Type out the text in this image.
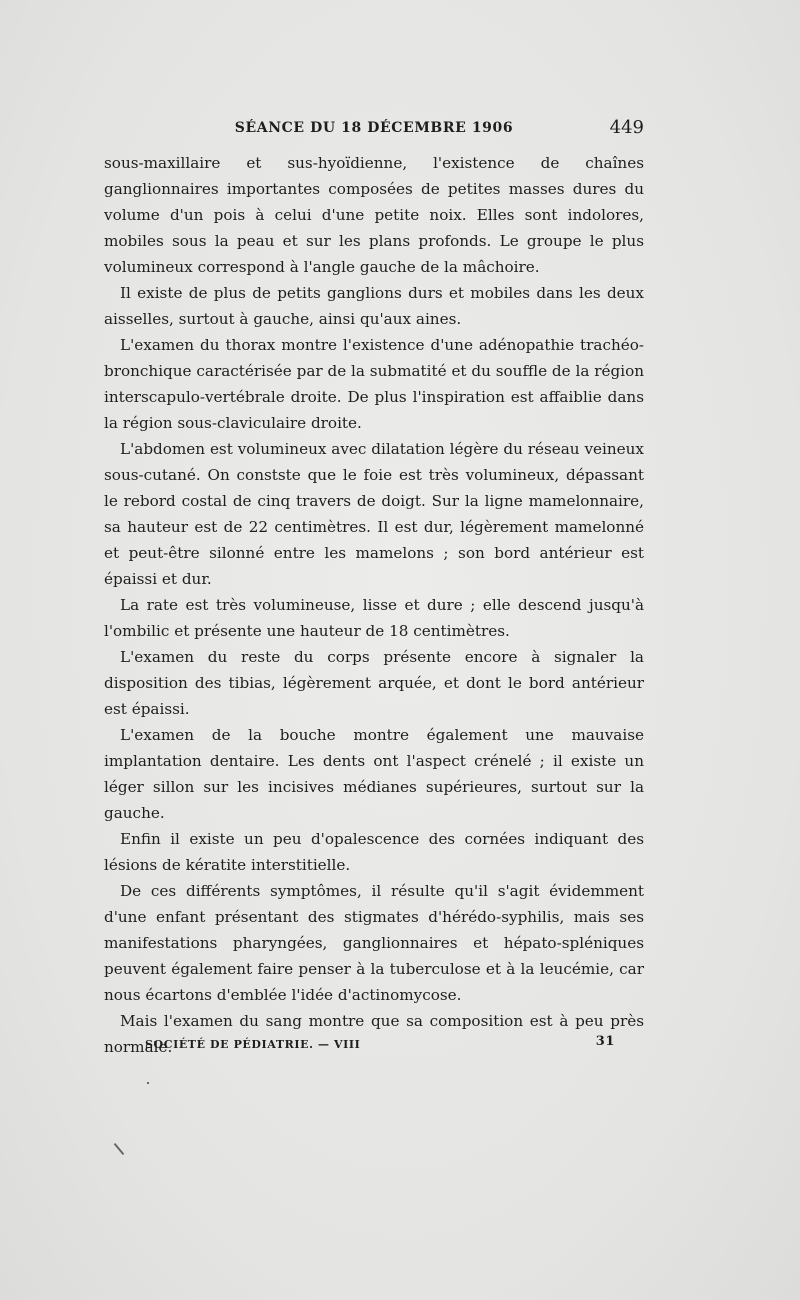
SÉANCE DU 18 DÉCEMBRE 1906	449

sous-maxillaire et sus-hyoïdienne, l'existence de chaînes ganglionnaires importantes composées de petites masses dures du volume d'un pois à celui d'une petite noix. Elles sont indolores, mobiles sous la peau et sur les plans profonds. Le groupe le plus volumineux correspond à l'angle gauche de la mâchoire.

Il existe de plus de petits ganglions durs et mobiles dans les deux aisselles, surtout à gauche, ainsi qu'aux aines.

L'examen du thorax montre l'existence d'une adénopathie trachéo-bronchique caractérisée par de la submatité et du souffle de la région interscapulo-vertébrale droite. De plus l'inspiration est affaiblie dans la région sous-claviculaire droite.

L'abdomen est volumineux avec dilatation légère du réseau veineux sous-cutané. On constste que le foie est très volumineux, dépassant le rebord costal de cinq travers de doigt. Sur la ligne mamelonnaire, sa hauteur est de 22 centimètres. Il est dur, légèrement mamelonné et peut-être silonné entre les mamelons ; son bord antérieur est épaissi et dur.

La rate est très volumineuse, lisse et dure ; elle descend jusqu'à l'ombilic et présente une hauteur de 18 centimètres.

L'examen du reste du corps présente encore à signaler la disposition des tibias, légèrement arquée, et dont le bord antérieur est épaissi.

L'examen de la bouche montre également une mauvaise implantation dentaire. Les dents ont l'aspect crénelé ; il existe un léger sillon sur les incisives médianes supérieures, surtout sur la gauche.

Enfin il existe un peu d'opalescence des cornées indiquant des lésions de kératite interstitielle.

De ces différents symptômes, il résulte qu'il s'agit évidemment d'une enfant présentant des stigmates d'hérédo-syphilis, mais ses manifestations pharyngées, ganglionnaires et hépato-spléniques peuvent également faire penser à la tuberculose et à la leucémie, car nous écartons d'emblée l'idée d'actinomycose.

Mais l'examen du sang montre que sa composition est à peu près normale.

SOCIÉTÉ DE PÉDIATRIE. — VIII	31
